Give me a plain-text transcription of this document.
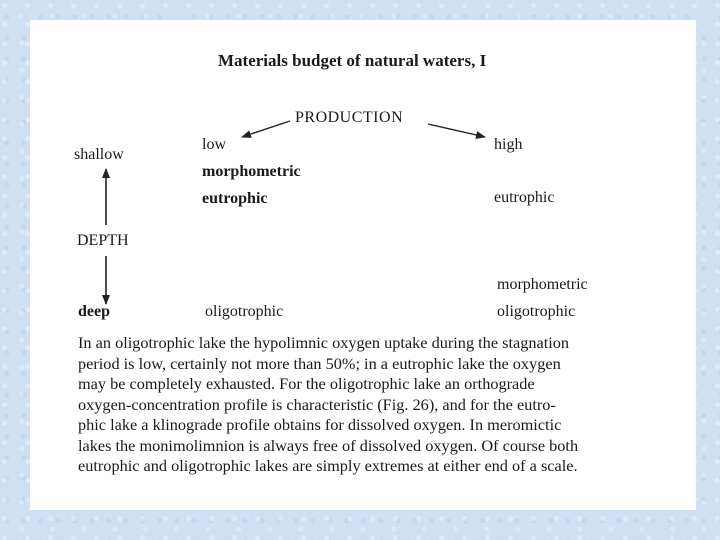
Materials budget of natural waters, I
PRODUCTION
shallow
DEPTH
deep
low
morphometric
eutrophic
oligotrophic
high
eutrophic
morphometric
oligotrophic
In an oligotrophic lake the hypolimnic oxygen uptake during the stagnation
period is low, certainly not more than 50%; in a eutrophic lake the oxygen
may be completely exhausted. For the oligotrophic lake an orthograde
oxygen-concentration profile is characteristic (Fig. 26), and for the eutro-
phic lake a klinograde profile obtains for dissolved oxygen. In meromictic
lakes the monimolimnion is always free of dissolved oxygen. Of course both
eutrophic and oligotrophic lakes are simply extremes at either end of a scale.
